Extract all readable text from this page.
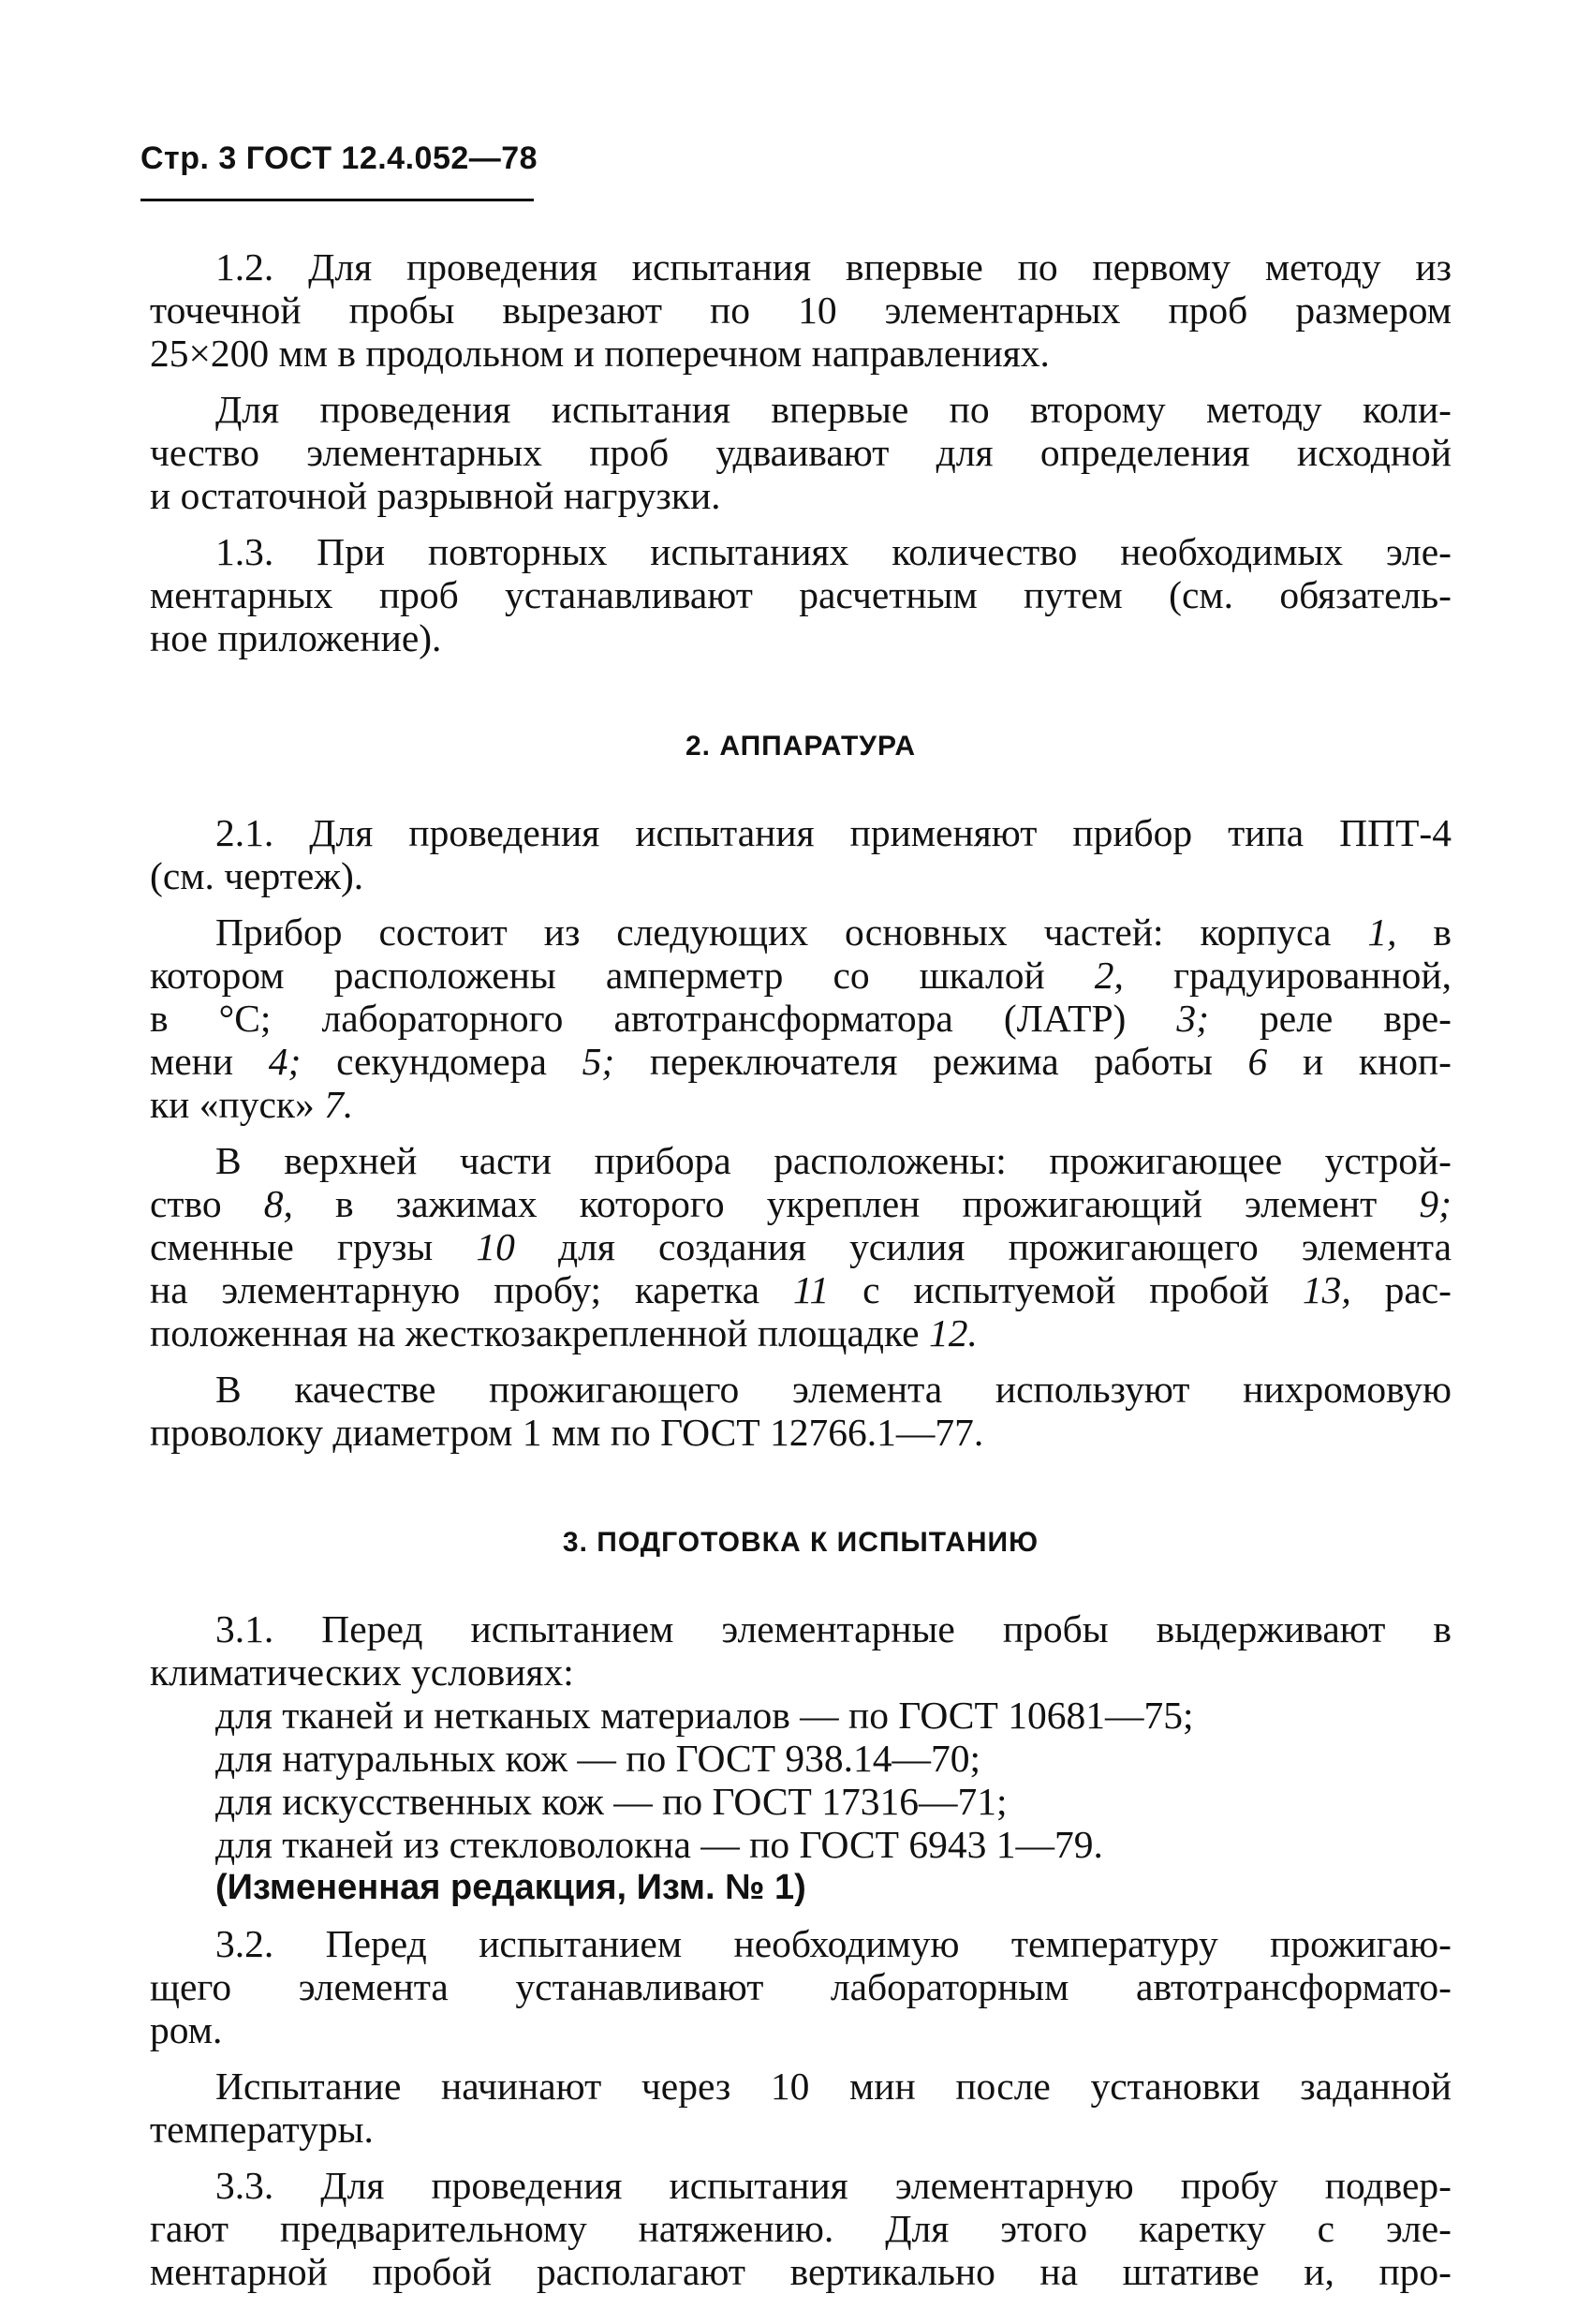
Стр. 3 ГОСТ 12.4.052—78
1.2. Для проведения испытания впервые по первому методу из
точечной пробы вырезают по 10 элементарных проб размером
25×200 мм в продольном и поперечном направлениях.
Для проведения испытания впервые по второму методу коли-
чество элементарных проб удваивают для определения исходной
и остаточной разрывной нагрузки.
1.3. При повторных испытаниях количество необходимых эле-
ментарных проб устанавливают расчетным путем (см. обязатель-
ное приложение).
2. АППАРАТУРА
2.1. Для проведения испытания применяют прибор типа ППТ-4
(см. чертеж).
Прибор состоит из следующих основных частей: корпуса 1, в
котором расположены амперметр со шкалой 2, градуированной,
в °С; лабораторного автотрансформатора (ЛАТР) 3; реле вре-
мени 4; секундомера 5; переключателя режима работы 6 и кноп-
ки «пуск» 7.
В верхней части прибора расположены: прожигающее устрой-
ство 8, в зажимах которого укреплен прожигающий элемент 9;
сменные грузы 10 для создания усилия прожигающего элемента
на элементарную пробу; каретка 11 с испытуемой пробой 13, рас-
положенная на жесткозакрепленной площадке 12.
В качестве прожигающего элемента используют нихромовую
проволоку диаметром 1 мм по ГОСТ 12766.1—77.
3. ПОДГОТОВКА К ИСПЫТАНИЮ
3.1. Перед испытанием элементарные пробы выдерживают в
климатических условиях:
для тканей и нетканых материалов — по ГОСТ 10681—75;
для натуральных кож — по ГОСТ 938.14—70;
для искусственных кож — по ГОСТ 17316—71;
для тканей из стекловолокна — по ГОСТ 6943 1—79.
(Измененная редакция, Изм. № 1)
3.2. Перед испытанием необходимую температуру прожигаю-
щего элемента устанавливают лабораторным автотрансформато-
ром.
Испытание начинают через 10 мин после установки заданной
температуры.
3.3. Для проведения испытания элементарную пробу подвер-
гают предварительному натяжению. Для этого каретку с эле-
ментарной пробой располагают вертикально на штативе и, про-
